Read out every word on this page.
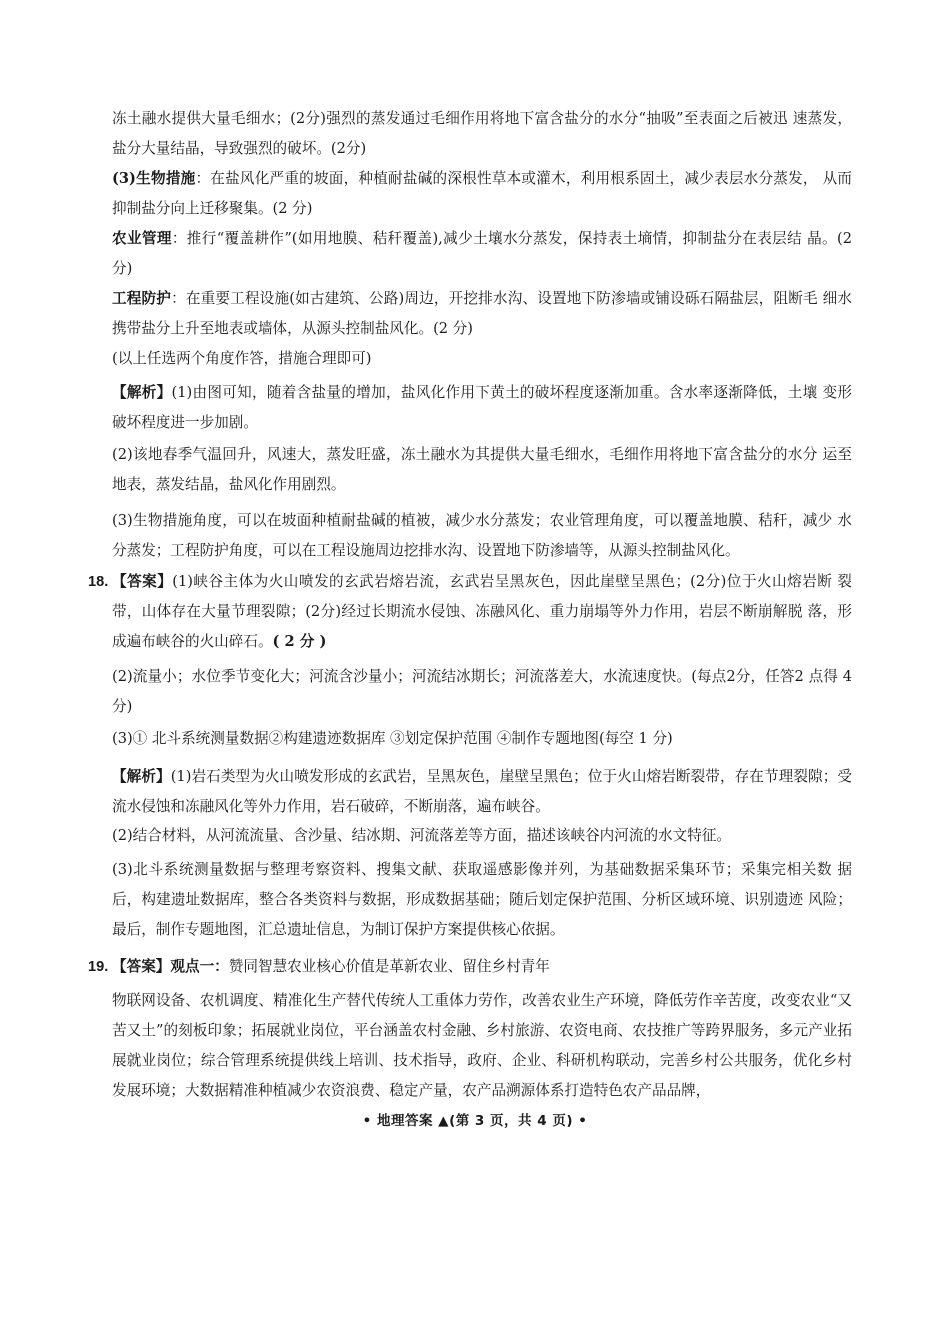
冻土融水提供大量毛细水；(2分)强烈的蒸发通过毛细作用将地下富含盐分的水分“抽吸”至表面之后被迅 速蒸发，盐分大量结晶，导致强烈的破坏。(2分)

(3)生物措施：在盐风化严重的坡面，种植耐盐碱的深根性草本或灌木，利用根系固土，减少表层水分蒸发， 从而抑制盐分向上迁移聚集。(2 分)

农业管理：推行“覆盖耕作”(如用地膜、秸秆覆盖),减少土壤水分蒸发，保持表土墒情，抑制盐分在表层结 晶。(2 分)

工程防护：在重要工程设施(如古建筑、公路)周边，开挖排水沟、设置地下防渗墙或铺设砾石隔盐层，阻断毛 细水携带盐分上升至地表或墙体，从源头控制盐风化。(2 分)

(以上任选两个角度作答，措施合理即可)

【解析】(1)由图可知，随着含盐量的增加，盐风化作用下黄土的破坏程度逐渐加重。含水率逐渐降低，土壤 变形破坏程度进一步加剧。

(2)该地春季气温回升，风速大，蒸发旺盛，冻土融水为其提供大量毛细水，毛细作用将地下富含盐分的水分 运至地表，蒸发结晶，盐风化作用剧烈。

(3)生物措施角度，可以在坡面种植耐盐碱的植被，减少水分蒸发；农业管理角度，可以覆盖地膜、秸秆，减少 水分蒸发；工程防护角度，可以在工程设施周边挖排水沟、设置地下防渗墙等，从源头控制盐风化。

18. 【答案】(1)峡谷主体为火山喷发的玄武岩熔岩流，玄武岩呈黑灰色，因此崖壁呈黑色；(2分)位于火山熔岩断 裂带，山体存在大量节理裂隙；(2分)经过长期流水侵蚀、冻融风化、重力崩塌等外力作用，岩层不断崩解脱 落，形成遍布峡谷的火山碎石。( 2 分 )

(2)流量小；水位季节变化大；河流含沙量小；河流结冰期长；河流落差大，水流速度快。(每点2分，任答2 点得 4 分)

(3)① 北斗系统测量数据②构建遗迹数据库 ③划定保护范围 ④制作专题地图(每空 1 分)

【解析】(1)岩石类型为火山喷发形成的玄武岩，呈黑灰色，崖壁呈黑色；位于火山熔岩断裂带，存在节理裂隙；受流水侵蚀和冻融风化等外力作用，岩石破碎，不断崩落，遍布峡谷。

(2)结合材料，从河流流量、含沙量、结冰期、河流落差等方面，描述该峡谷内河流的水文特征。

(3)北斗系统测量数据与整理考察资料、搜集文献、获取遥感影像并列，为基础数据采集环节；采集完相关数 据后，构建遗址数据库，整合各类资料与数据，形成数据基础；随后划定保护范围、分析区域环境、识别遗迹 风险；最后，制作专题地图，汇总遗址信息，为制订保护方案提供核心依据。

19. 【答案】观点一：赞同智慧农业核心价值是革新农业、留住乡村青年

物联网设备、农机调度、精准化生产替代传统人工重体力劳作，改善农业生产环境，降低劳作辛苦度，改变农业“又苦又土”的刻板印象；拓展就业岗位，平台涵盖农村金融、乡村旅游、农资电商、农技推广等跨界服务，多元产业拓展就业岗位；综合管理系统提供线上培训、技术指导，政府、企业、科研机构联动，完善乡村公共服务，优化乡村发展环境；大数据精准种植减少农资浪费、稳定产量，农产品溯源体系打造特色农产品品牌，

• 地理答案 ▲(第 3 页，共 4 页) •
